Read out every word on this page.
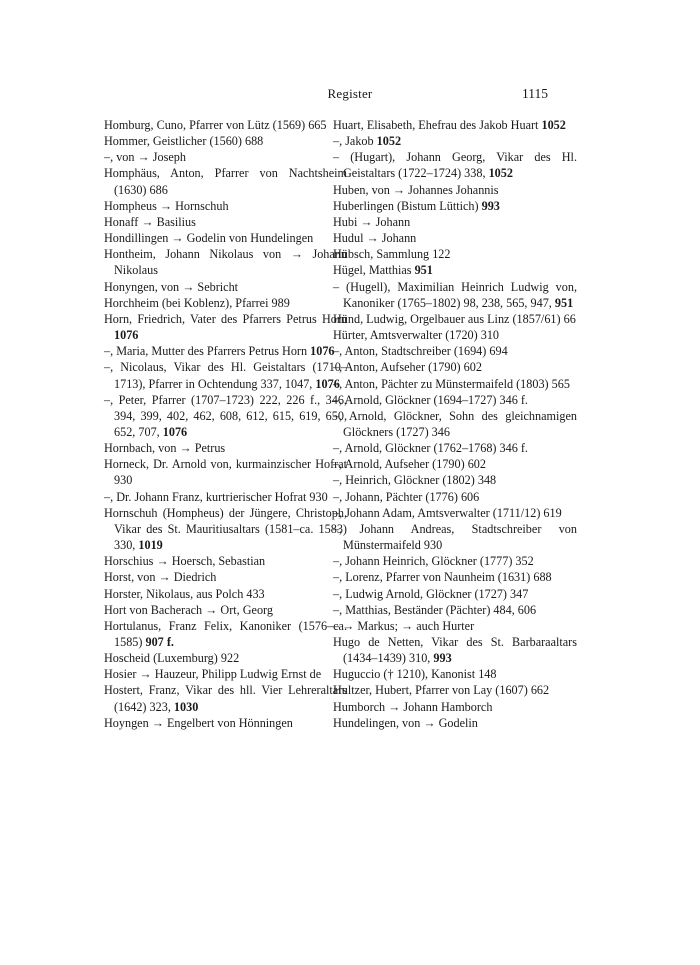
Register	1115
Homburg, Cuno, Pfarrer von Lütz (1569) 665
Hommer, Geistlicher (1560) 688
–, von → Joseph
Homphäus, Anton, Pfarrer von Nachtsheim (1630) 686
Hompheus → Hornschuh
Honaff → Basilius
Hondillingen → Godelin von Hundelingen
Hontheim, Johann Nikolaus von → Johann Nikolaus
Honyngen, von → Sebricht
Horchheim (bei Koblenz), Pfarrei 989
Horn, Friedrich, Vater des Pfarrers Petrus Horn 1076
–, Maria, Mutter des Pfarrers Petrus Horn 1076
–, Nicolaus, Vikar des Hl. Geistaltars (1710–1713), Pfarrer in Ochtendung 337, 1047, 1076
–, Peter, Pfarrer (1707–1723) 222, 226 f., 346, 394, 399, 402, 462, 608, 612, 615, 619, 650, 652, 707, 1076
Hornbach, von → Petrus
Horneck, Dr. Arnold von, kurmainzischer Hofrat 930
–, Dr. Johann Franz, kurtrierischer Hofrat 930
Hornschuh (Hompheus) der Jüngere, Christoph, Vikar des St. Mauritiusaltars (1581–ca. 1583) 330, 1019
Horschius → Hoersch, Sebastian
Horst, von → Diedrich
Horster, Nikolaus, aus Polch 433
Hort von Bacherach → Ort, Georg
Hortulanus, Franz Felix, Kanoniker (1576–ca. 1585) 907 f.
Hoscheid (Luxemburg) 922
Hosier → Hauzeur, Philipp Ludwig Ernst de
Hostert, Franz, Vikar des hll. Vier Lehreraltars (1642) 323, 1030
Hoyngen → Engelbert von Hönningen
Huart, Elisabeth, Ehefrau des Jakob Huart 1052
–, Jakob 1052
– (Hugart), Johann Georg, Vikar des Hl. Geistaltars (1722–1724) 338, 1052
Huben, von → Johannes Johannis
Huberlingen (Bistum Lüttich) 993
Hubi → Johann
Hudul → Johann
Hübsch, Sammlung 122
Hügel, Matthias 951
– (Hugell), Maximilian Heinrich Ludwig von, Kanoniker (1765–1802) 98, 238, 565, 947, 951
Hünd, Ludwig, Orgelbauer aus Linz (1857/61) 66
Hürter, Amtsverwalter (1720) 310
–, Anton, Stadtschreiber (1694) 694
–, Anton, Aufseher (1790) 602
–, Anton, Pächter zu Münstermaifeld (1803) 565
–, Arnold, Glöckner (1694–1727) 346 f.
–, Arnold, Glöckner, Sohn des gleichnamigen Glöckners (1727) 346
–, Arnold, Glöckner (1762–1768) 346 f.
–, Arnold, Aufseher (1790) 602
–, Heinrich, Glöckner (1802) 348
–, Johann, Pächter (1776) 606
–, Johann Adam, Amtsverwalter (1711/12) 619
–, Johann Andreas, Stadtschreiber von Münstermaifeld 930
–, Johann Heinrich, Glöckner (1777) 352
–, Lorenz, Pfarrer von Naunheim (1631) 688
–, Ludwig Arnold, Glöckner (1727) 347
–, Matthias, Beständer (Pächter) 484, 606
– → Markus; → auch Hurter
Hugo de Netten, Vikar des St. Barbaraaltars (1434–1439) 310, 993
Huguccio († 1210), Kanonist 148
Hultzer, Hubert, Pfarrer von Lay (1607) 662
Humborch → Johann Hamborch
Hundelingen, von → Godelin
